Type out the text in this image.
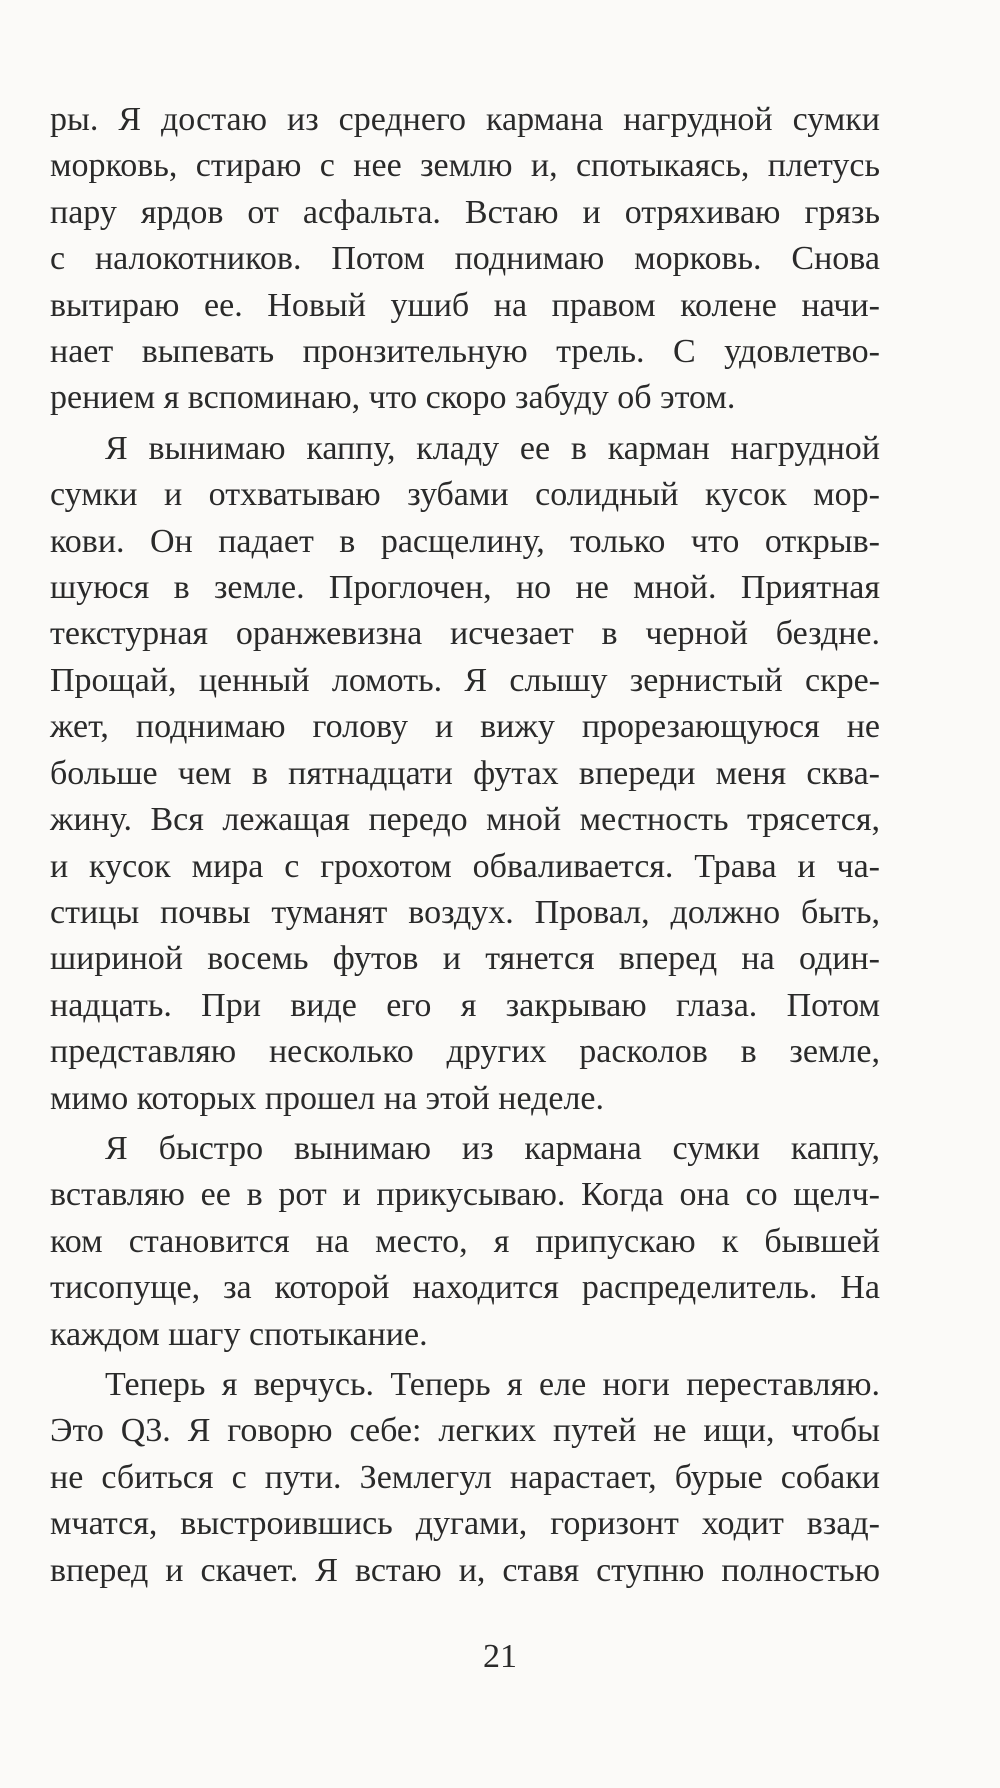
ры. Я достаю из среднего кармана нагрудной сумки
морковь, стираю с нее землю и, спотыкаясь, плетусь
пару ярдов от асфальта. Встаю и отряхиваю грязь
с налокотников. Потом поднимаю морковь. Снова
вытираю ее. Новый ушиб на правом колене начи-
нает выпевать пронзительную трель. С удовлетво-
рением я вспоминаю, что скоро забуду об этом.
Я вынимаю каппу, кладу ее в карман нагрудной
сумки и отхватываю зубами солидный кусок мор-
кови. Он падает в расщелину, только что открыв-
шуюся в земле. Проглочен, но не мной. Приятная
текстурная оранжевизна исчезает в черной бездне.
Прощай, ценный ломоть. Я слышу зернистый скре-
жет, поднимаю голову и вижу прорезающуюся не
больше чем в пятнадцати футах впереди меня сква-
жину. Вся лежащая передо мной местность трясется,
и кусок мира с грохотом обваливается. Трава и ча-
стицы почвы туманят воздух. Провал, должно быть,
шириной восемь футов и тянется вперед на один-
надцать. При виде его я закрываю глаза. Потом
представляю несколько других расколов в земле,
мимо которых прошел на этой неделе.
Я быстро вынимаю из кармана сумки каппу,
вставляю ее в рот и прикусываю. Когда она со щелч-
ком становится на место, я припускаю к бывшей
тисопуще, за которой находится распределитель. На
каждом шагу спотыкание.
Теперь я верчусь. Теперь я еле ноги переставляю.
Это Q3. Я говорю себе: легких путей не ищи, чтобы
не сбиться с пути. Землегул нарастает, бурые собаки
мчатся, выстроившись дугами, горизонт ходит взад-
вперед и скачет. Я встаю и, ставя ступню полностью
21
